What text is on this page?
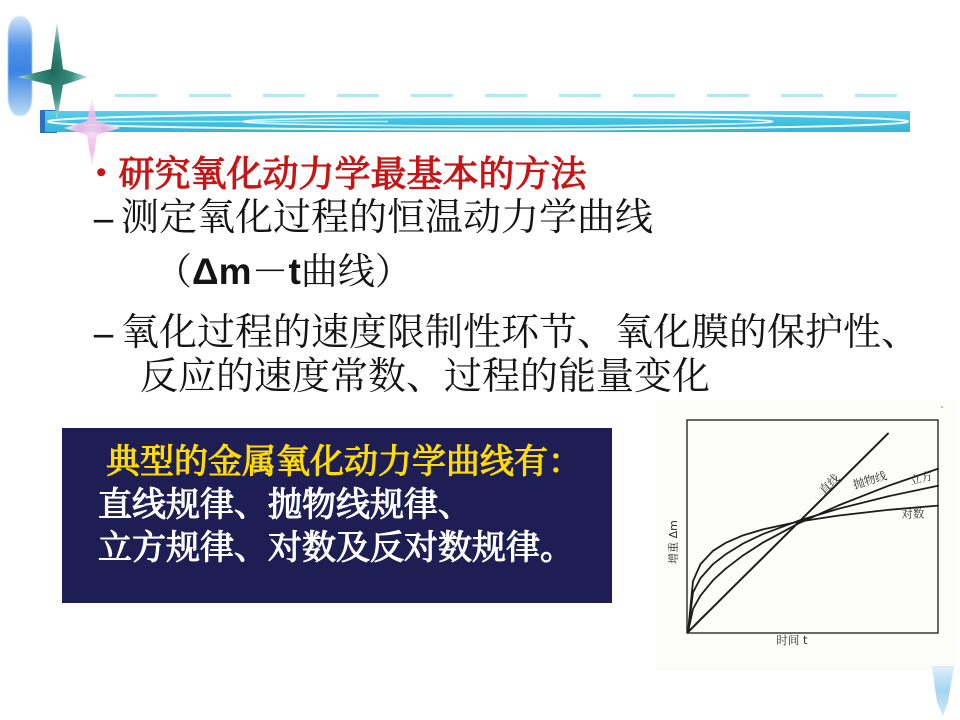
• 研究氧化动力学最基本的方法
– 测定氧化过程的恒温动力学曲线
（Δm－t曲线）
– 氧化过程的速度限制性环节、氧化膜的保护性、
反应的速度常数、过程的能量变化
典型的金属氧化动力学曲线有：
直线规律、抛物线规律、
立方规律、对数及反对数规律。
直线 抛物线 立方
对数
增重 Δm
时间 t
